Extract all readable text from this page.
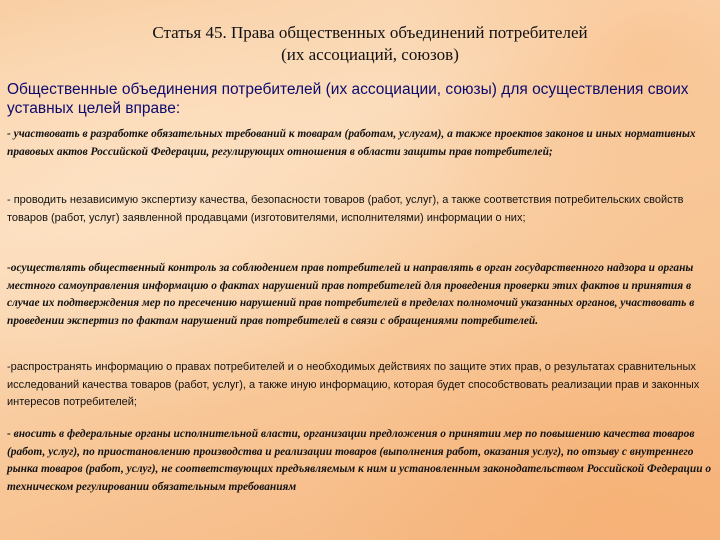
Статья 45. Права общественных объединений потребителей
(их ассоциаций, союзов)

Общественные объединения потребителей (их ассоциации, союзы) для осуществления своих уставных целей вправе:

- участвовать в разработке обязательных требований к товарам (работам, услугам), а также проектов законов и иных нормативных правовых актов Российской Федерации, регулирующих отношения в области защиты прав потребителей;

- проводить независимую экспертизу качества, безопасности товаров (работ, услуг), а также соответствия потребительских свойств товаров (работ, услуг) заявленной продавцами (изготовителями, исполнителями) информации о них;

-осуществлять общественный контроль за соблюдением прав потребителей и направлять в орган государственного надзора и органы местного самоуправления информацию о фактах нарушений прав потребителей для проведения проверки этих фактов и принятия в случае их подтверждения мер по пресечению нарушений прав потребителей в пределах полномочий указанных органов, участвовать в проведении экспертиз по фактам нарушений прав потребителей в связи с обращениями потребителей.

-распространять информацию о правах потребителей и о необходимых действиях по защите этих прав, о результатах сравнительных исследований качества товаров (работ, услуг), а также иную информацию, которая будет способствовать реализации прав и законных интересов потребителей;

- вносить в федеральные органы исполнительной власти, организации предложения о принятии мер по повышению качества товаров (работ, услуг), по приостановлению производства и реализации товаров (выполнения работ, оказания услуг), по отзыву с внутреннего рынка товаров (работ, услуг), не соответствующих предъявляемым к ним и установленным законодательством Российской Федерации о техническом регулировании обязательным требованиям
